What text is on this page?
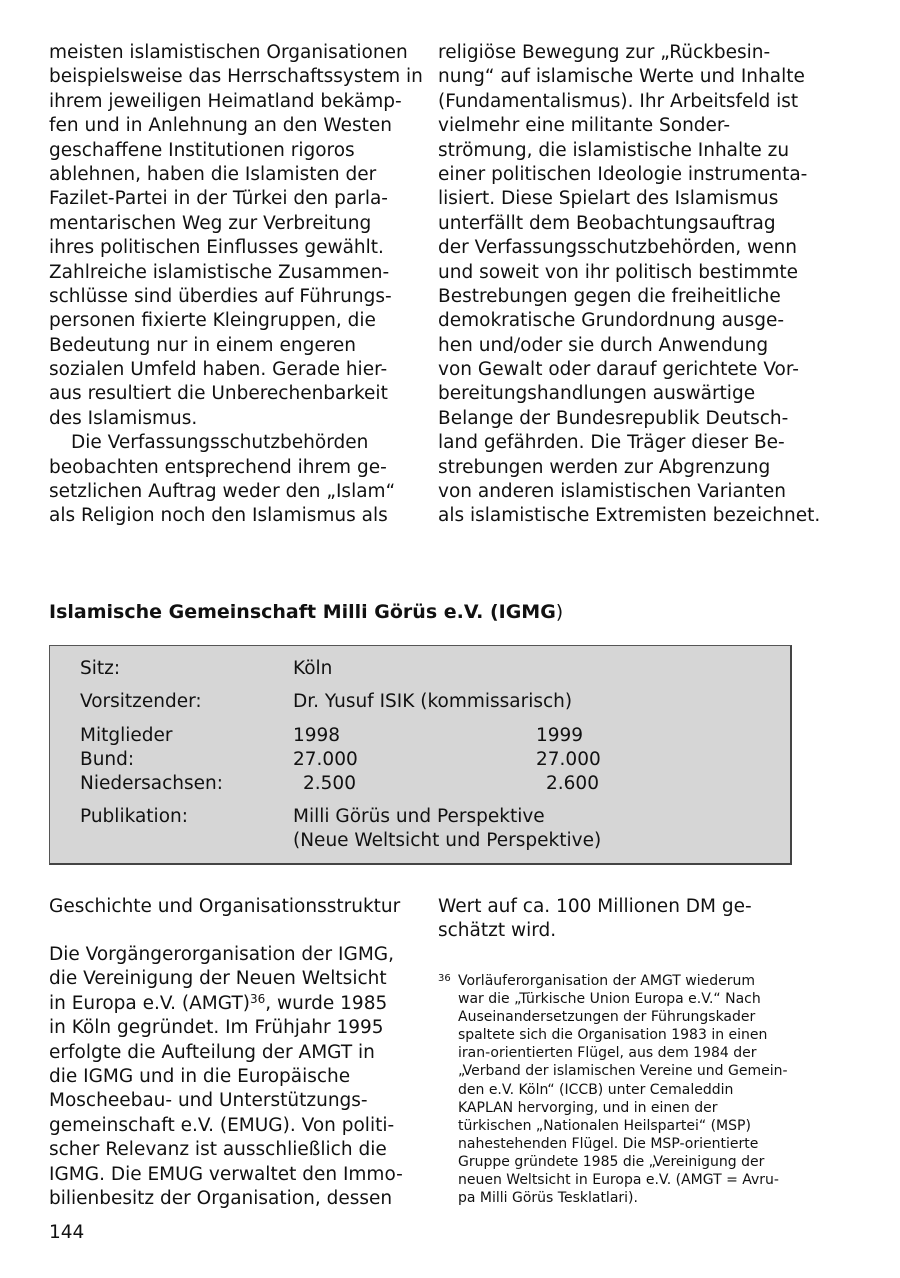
meisten islamistischen Organisationen
beispielsweise das Herrschaftssystem in
ihrem jeweiligen Heimatland bekämp-
fen und in Anlehnung an den Westen
geschaffene Institutionen rigoros
ablehnen, haben die Islamisten der
Fazilet-Partei in der Türkei den parla-
mentarischen Weg zur Verbreitung
ihres politischen Einflusses gewählt.
Zahlreiche islamistische Zusammen-
schlüsse sind überdies auf Führungs-
personen fixierte Kleingruppen, die
Bedeutung nur in einem engeren
sozialen Umfeld haben. Gerade hier-
aus resultiert die Unberechenbarkeit
des Islamismus.
Die Verfassungsschutzbehörden
beobachten entsprechend ihrem ge-
setzlichen Auftrag weder den „Islam“
als Religion noch den Islamismus als
religiöse Bewegung zur „Rückbesin-
nung“ auf islamische Werte und Inhalte
(Fundamentalismus). Ihr Arbeitsfeld ist
vielmehr eine militante Sonder-
strömung, die islamistische Inhalte zu
einer politischen Ideologie instrumenta-
lisiert. Diese Spielart des Islamismus
unterfällt dem Beobachtungsauftrag
der Verfassungsschutzbehörden, wenn
und soweit von ihr politisch bestimmte
Bestrebungen gegen die freiheitliche
demokratische Grundordnung ausge-
hen und/oder sie durch Anwendung
von Gewalt oder darauf gerichtete Vor-
bereitungshandlungen auswärtige
Belange der Bundesrepublik Deutsch-
land gefährden. Die Träger dieser Be-
strebungen werden zur Abgrenzung
von anderen islamistischen Varianten
als islamistische Extremisten bezeichnet.
Islamische Gemeinschaft Milli Görüs e.V. (IGMG)
Sitz:	Köln
Vorsitzender:	Dr. Yusuf ISIK (kommissarisch)
Mitglieder	1998	1999
Bund:	27.000	27.000
Niedersachsen:	2.500	2.600
Publikation:	Milli Görüs und Perspektive
(Neue Weltsicht und Perspektive)
Geschichte und Organisationsstruktur
Die Vorgängerorganisation der IGMG,
die Vereinigung der Neuen Weltsicht
in Europa e.V. (AMGT)$^{36}$, wurde 1985
in Köln gegründet. Im Frühjahr 1995
erfolgte die Aufteilung der AMGT in
die IGMG und in die Europäische
Moscheebau- und Unterstützungs-
gemeinschaft e.V. (EMUG). Von politi-
scher Relevanz ist ausschließlich die
IGMG. Die EMUG verwaltet den Immo-
bilienbesitz der Organisation, dessen
Wert auf ca. 100 Millionen DM ge-
schätzt wird.
36 Vorläuferorganisation der AMGT wiederum
war die „Türkische Union Europa e.V.“ Nach
Auseinandersetzungen der Führungskader
spaltete sich die Organisation 1983 in einen
iran-orientierten Flügel, aus dem 1984 der
„Verband der islamischen Vereine und Gemein-
den e.V. Köln“ (ICCB) unter Cemaleddin
KAPLAN hervorging, und in einen der
türkischen „Nationalen Heilspartei“ (MSP)
nahestehenden Flügel. Die MSP-orientierte
Gruppe gründete 1985 die „Vereinigung der
neuen Weltsicht in Europa e.V. (AMGT = Avru-
pa Milli Görüs Tesklatlari).
144
